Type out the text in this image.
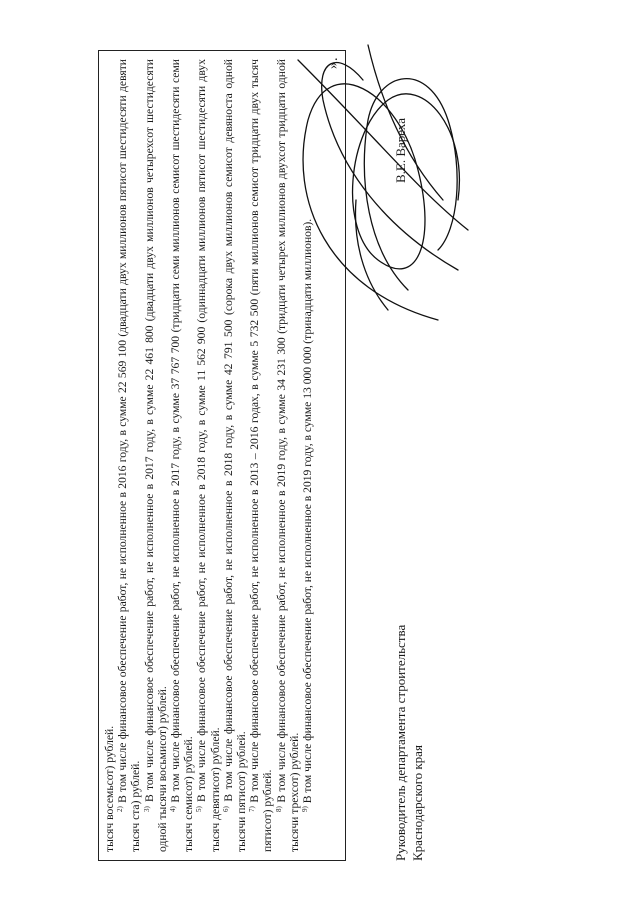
тысяч восемьсот) рублей. $^{2)}$ В том числе финансовое обеспечение работ, не исполненное в 2016 году, в сумме 22 569 100 (двадцати двух миллионов пятисот шестидесяти девяти тысяч ста) рублей. $^{3)}$ В том числе финансовое обеспечение работ, не исполненное в 2017 году, в сумме 22 461 800 (двадцати двух миллионов четырехсот шестидесяти одной тысячи восьмисот) рублей. $^{4)}$ В том числе финансовое обеспечение работ, не исполненное в 2017 году, в сумме 37 767 700 (тридцати семи миллионов семисот шестидесяти семи тысяч семисот) рублей. $^{5)}$ В том числе финансовое обеспечение работ, не исполненное в 2018 году, в сумме 11 562 900 (одиннадцати миллионов пятисот шестидесяти двух тысяч девятисот) рублей. $^{6)}$ В том числе финансовое обеспечение работ, не исполненное в 2018 году, в сумме 42 791 500 (сорока двух миллионов семисот девяноста одной тысячи пятисот) рублей. $^{7)}$ В том числе финансовое обеспечение работ, не исполненное в 2013 – 2016 годах, в сумме 5 732 500 (пяти миллионов семисот тридцати двух тысяч пятисот) рублей. $^{8)}$ В том числе финансовое обеспечение работ, не исполненное в 2019 году, в сумме 34 231 300 (тридцати четырех миллионов двухсот тридцати одной тысячи трехсот) рублей. $^{9)}$ В том числе финансовое обеспечение работ, не исполненное в 2019 году, в сумме 13 000 000 (тринадцати миллионов).

».
Руководитель департамента строительства Краснодарского края
В.Е. Вареха
